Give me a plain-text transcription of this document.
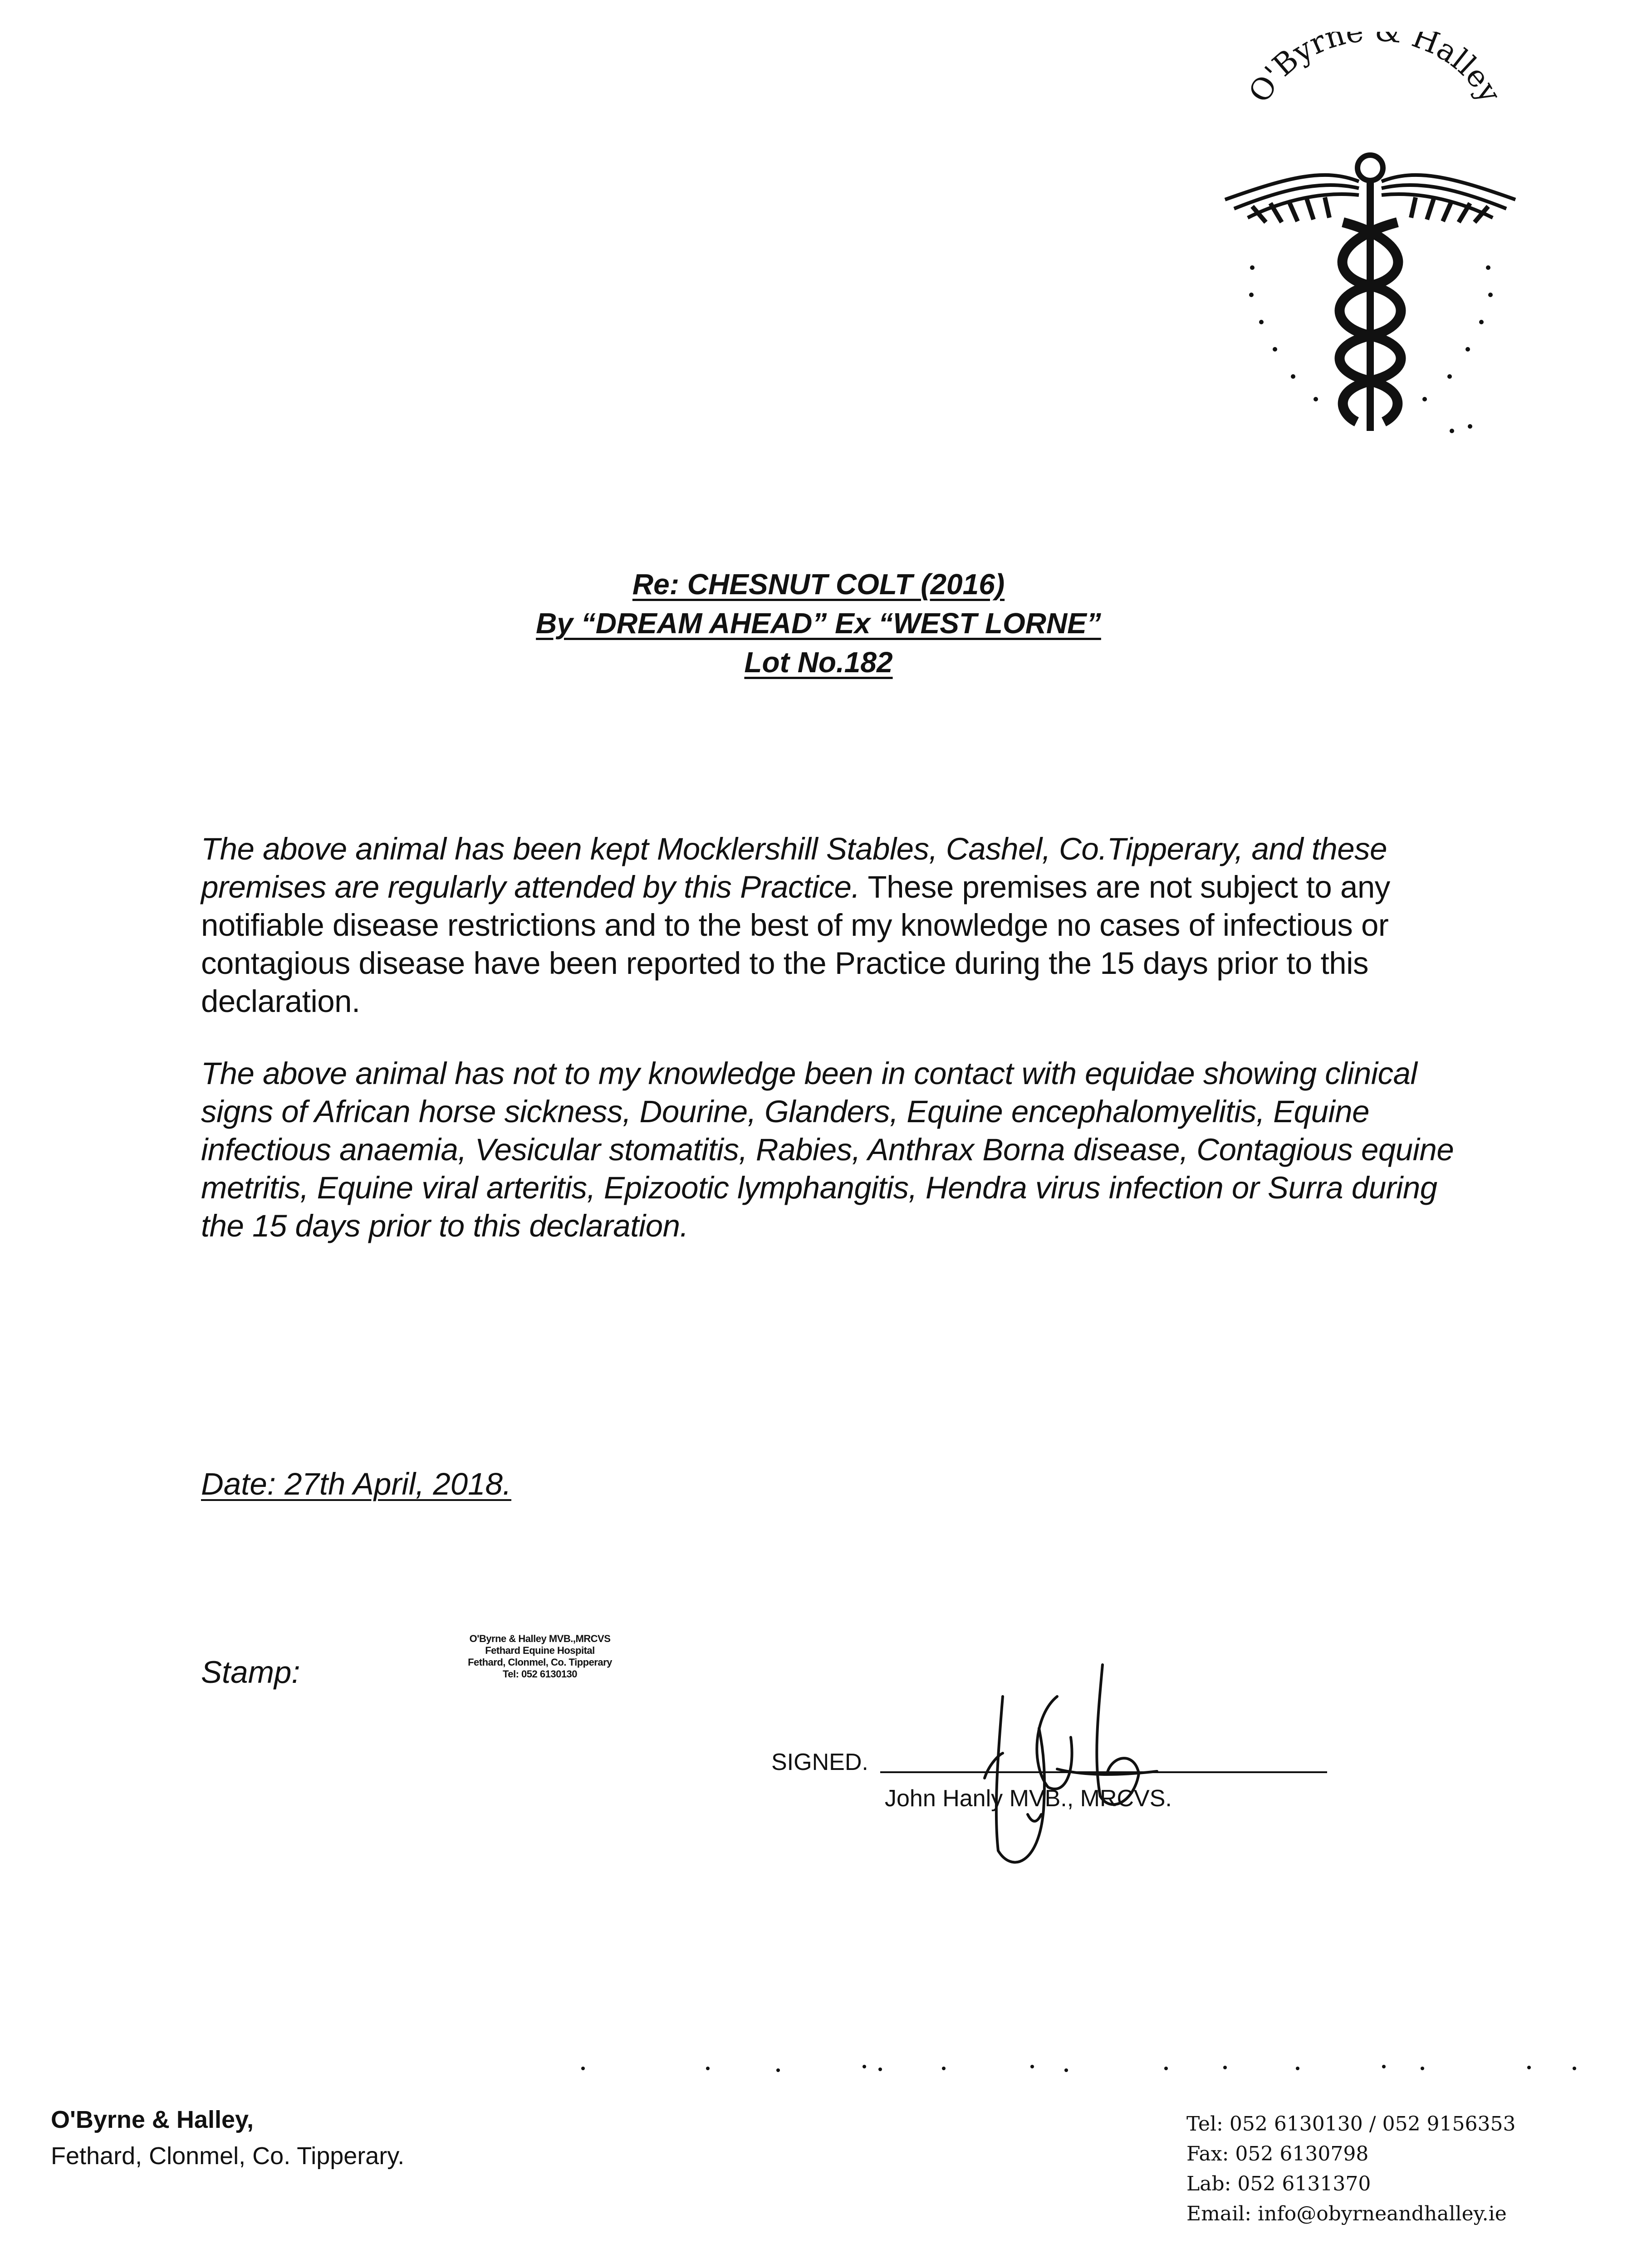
O'Byrne Halley
Re: CHESNUT COLT (2016)
By “DREAM AHEAD” Ex “WEST LORNE”
Lot No.182

The above animal has been kept Mocklershill Stables, Cashel, Co.Tipperary, and these premises are regularly attended by this Practice. These premises are not subject to any notifiable disease restrictions and to the best of my knowledge no cases of infectious or contagious disease have been reported to the Practice during the 15 days prior to this declaration.

The above animal has not to my knowledge been in contact with equidae showing clinical signs of African horse sickness, Dourine, Glanders, Equine encephalomyelitis, Equine infectious anaemia, Vesicular stomatitis, Rabies, Anthrax Borna disease, Contagious equine metritis, Equine viral arteritis, Epizootic lymphangitis, Hendra virus infection or Surra during the 15 days prior to this declaration.

Date: 27th April, 2018.
Stamp:
O'Byrne & Halley MVB.,MRCVS
Fethard Equine Hospital
Fethard, Clonmel, Co. Tipperary
Tel: 052 6130130
SIGNED.
John Hanly MVB., MRCVS.
O'Byrne & Halley,
Fethard, Clonmel, Co. Tipperary.
Tel: 052 6130130 / 052 9156353
Fax: 052 6130798
Lab: 052 6131370
Email: info@obyrneandhalley.ie
